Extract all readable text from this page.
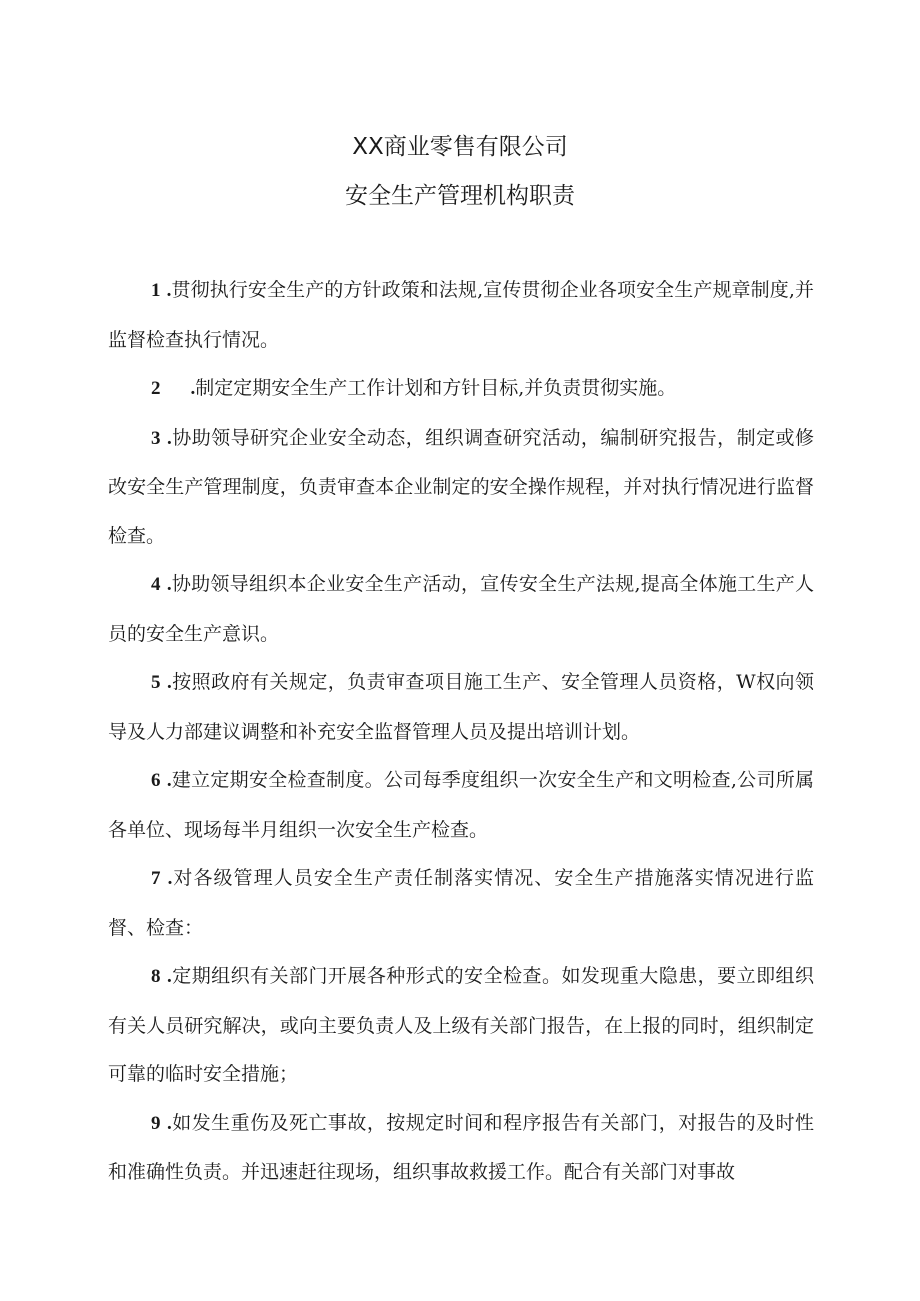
XX商业零售有限公司
安全生产管理机构职责

1 .贯彻执行安全生产的方针政策和法规,宣传贯彻企业各项安全生产规章制度,并监督检查执行情况。

2 .制定定期安全生产工作计划和方针目标,并负责贯彻实施。

3 .协助领导研究企业安全动态，组织调查研究活动，编制研究报告，制定或修改安全生产管理制度，负责审查本企业制定的安全操作规程，并对执行情况进行监督检查。

4 .协助领导组织本企业安全生产活动，宣传安全生产法规,提高全体施工生产人员的安全生产意识。

5 .按照政府有关规定，负责审查项目施工生产、安全管理人员资格，W权向领导及人力部建议调整和补充安全监督管理人员及提出培训计划。

6 .建立定期安全检查制度。公司每季度组织一次安全生产和文明检查,公司所属各单位、现场每半月组织一次安全生产检查。

7 .对各级管理人员安全生产责任制落实情况、安全生产措施落实情况进行监督、检查：

8 .定期组织有关部门开展各种形式的安全检查。如发现重大隐患，要立即组织有关人员研究解决，或向主要负责人及上级有关部门报告，在上报的同时，组织制定可靠的临时安全措施；

9 .如发生重伤及死亡事故，按规定时间和程序报告有关部门，对报告的及时性和准确性负责。并迅速赶往现场，组织事故救援工作。配合有关部门对事故
